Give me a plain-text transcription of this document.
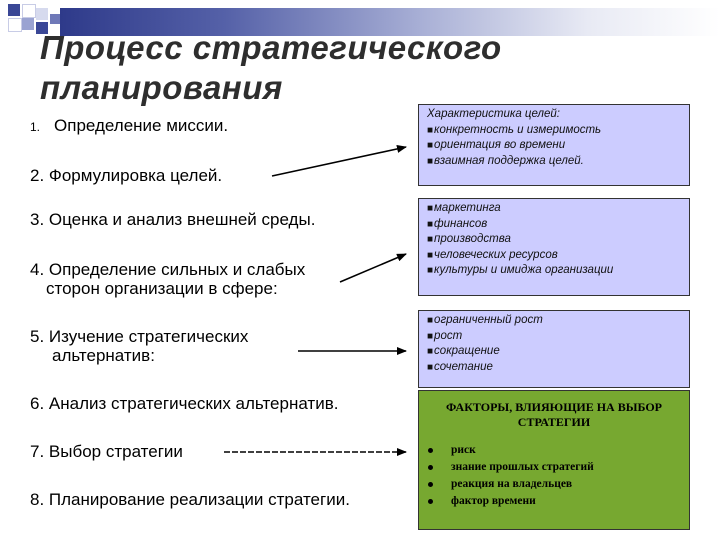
Процесс стратегического планирования
1. Определение миссии.
2. Формулировка целей.
3. Оценка и анализ внешней среды.
4. Определение сильных и слабых
сторон организации в сфере:
5. Изучение стратегических
альтернатив:
6. Анализ стратегических альтернатив.
7. Выбор стратегии
8. Планирование реализации стратегии.
Характеристика целей:
■конкретность и измеримость
■ориентация во времени
■взаимная поддержка целей.
■маркетинга
■финансов
■производства
■человеческих ресурсов
■культуры и имиджа организации
■ограниченный рост
■рост
■сокращение
■сочетание
ФАКТОРЫ, ВЛИЯЮЩИЕ НА ВЫБОР СТРАТЕГИИ
риск
знание прошлых стратегий
реакция на владельцев
фактор времени
